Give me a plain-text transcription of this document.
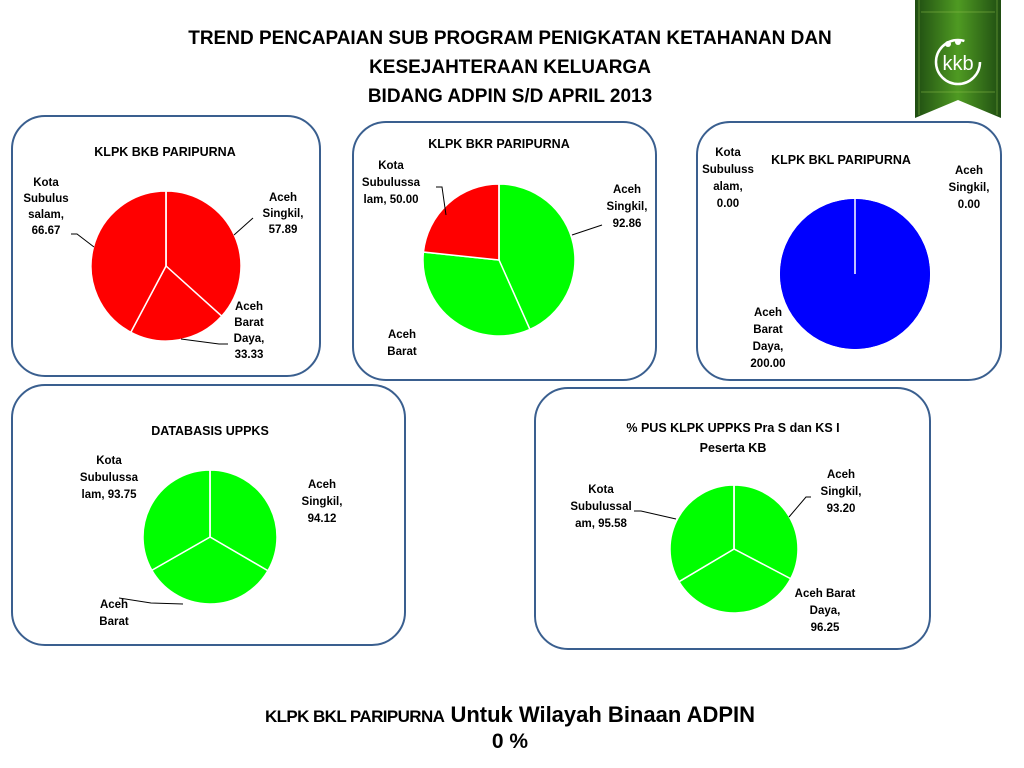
TREND PENCAPAIAN SUB PROGRAM PENIGKATAN KETAHANAN DAN
KESEJAHTERAAN KELUARGA
BIDANG ADPIN S/D APRIL 2013
kkb
KLPK BKB PARIPURNA
Aceh Singkil, 57.89
Aceh Barat Daya, 33.33
Kota Subulus salam, 66.67
KLPK BKR PARIPURNA
Aceh Singkil, 92.86
Aceh Barat
Kota Subulussa lam, 50.00
KLPK BKL PARIPURNA
Aceh Singkil, 0.00
Aceh Barat Daya, 200.00
Kota Subuluss alam, 0.00
DATABASIS UPPKS
Aceh Singkil, 94.12
Aceh Barat
Kota Subulussa lam, 93.75
% PUS KLPK UPPKS Pra S dan KS I Peserta KB
Aceh Singkil, 93.20
Aceh Barat Daya, 96.25
Kota Subulussal am, 95.58
KLPK BKL PARIPURNA Untuk Wilayah Binaan ADPIN
0 %
